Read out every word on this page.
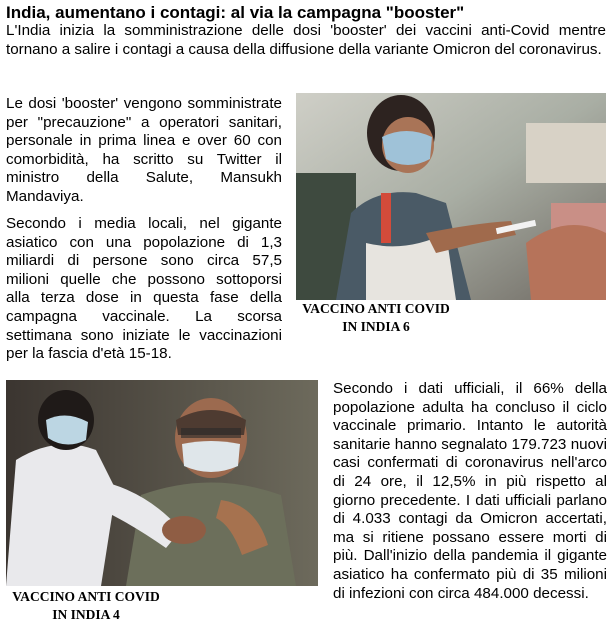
India, aumentano i contagi: al via la campagna "booster"
L'India inizia la somministrazione delle dosi 'booster' dei vaccini anti-Covid mentre tornano a salire i contagi a causa della diffusione della variante Omicron del coronavirus.
Le dosi 'booster' vengono somministrate per "precauzione" a operatori sanitari, personale in prima linea e over 60 con comorbidità, ha scritto su Twitter il ministro della Salute, Mansukh Mandaviya.
Secondo i media locali, nel gigante asiatico con una popolazione di 1,3 miliardi di persone sono circa 57,5 milioni quelle che possono sottoporsi alla terza dose in questa fase della campagna vaccinale. La scorsa settimana sono iniziate le vaccinazioni per la fascia d'età 15-18.
VACCINO ANTI COVID
IN INDIA 6
VACCINO ANTI COVID
IN INDIA 4
Secondo i dati ufficiali, il 66% della popolazione adulta ha concluso il ciclo vaccinale primario. Intanto le autorità sanitarie hanno segnalato 179.723 nuovi casi confermati di coronavirus nell'arco di 24 ore, il 12,5% in più rispetto al giorno precedente. I dati ufficiali parlano di 4.033 contagi da Omicron accertati, ma si ritiene possano essere morti di più. Dall'inizio della pandemia il gigante asiatico ha confermato più di 35 milioni di infezioni con circa 484.000 decessi.
